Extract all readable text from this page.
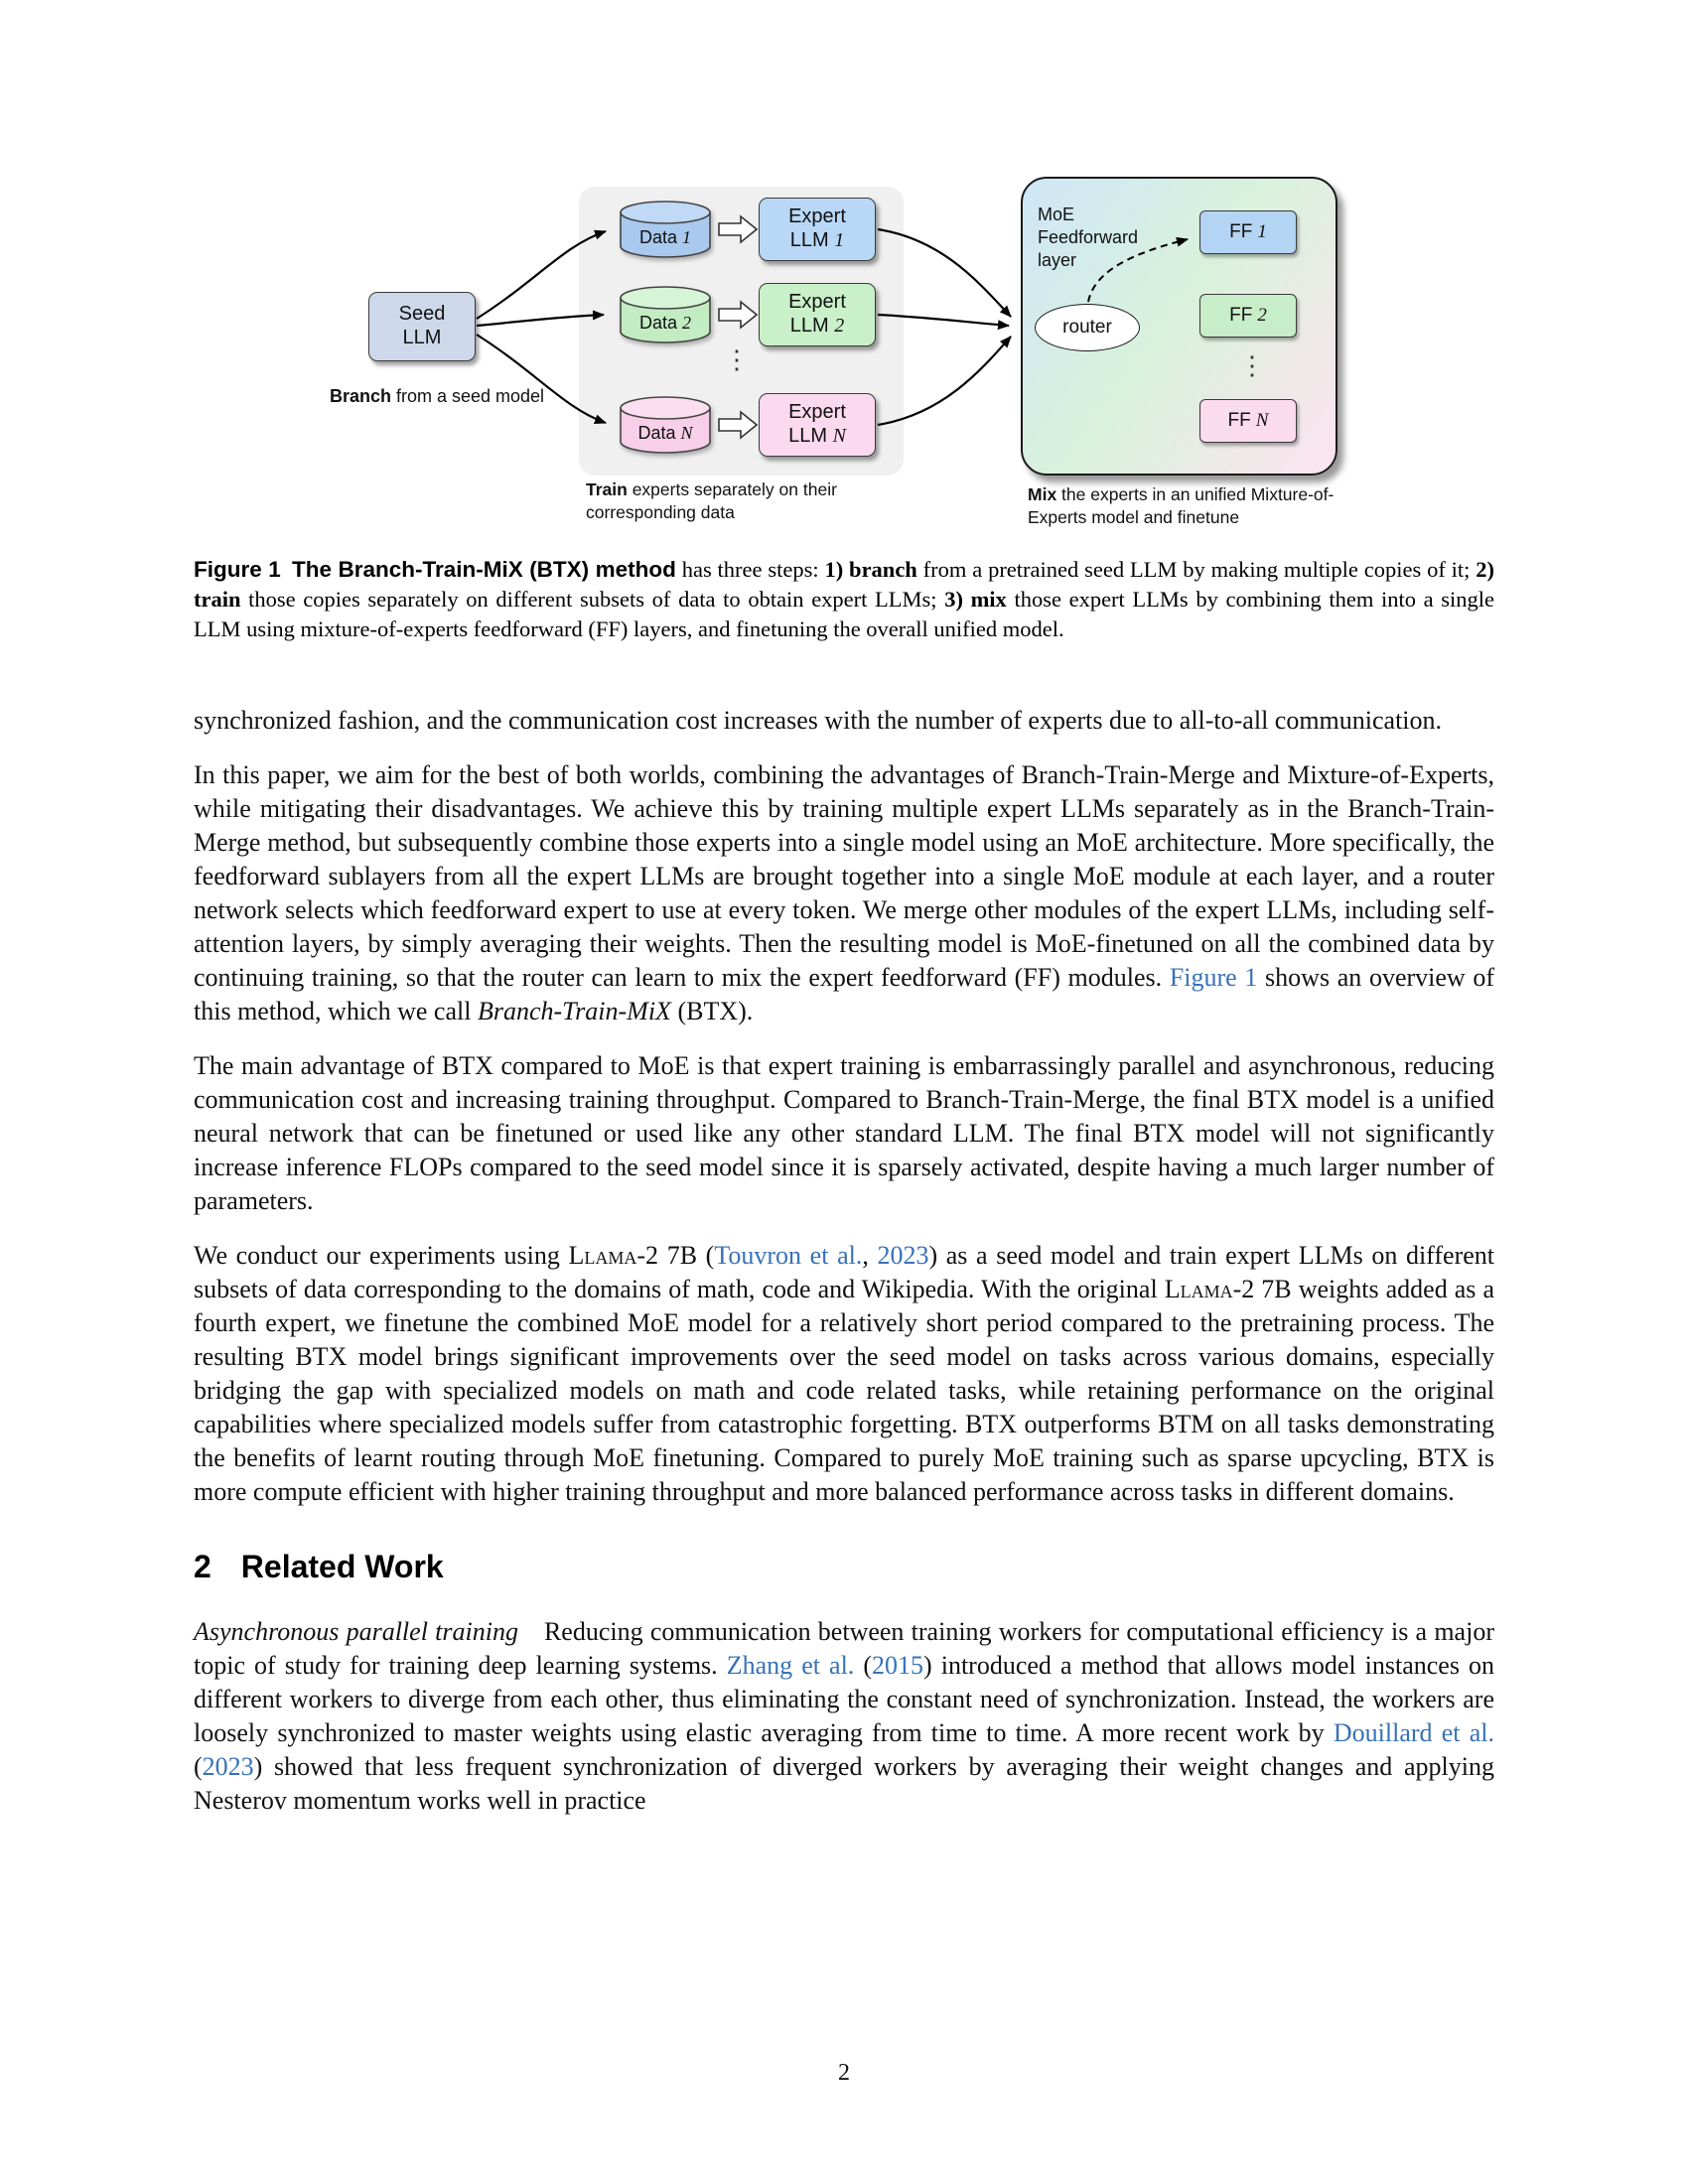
Seed
LLM
Branch from a seed model
Data 1
Data 2
Data N
⋮
Expert
LLM 1
Expert
LLM 2
Expert
LLM N
Train experts separately on their corresponding data
MoE Feedforward layer
router
FF 1
FF 2
FF N
⋮
Mix the experts in an unified Mixture-of-Experts model and finetune
Figure 1 The Branch-Train-MiX (BTX) method has three steps: 1) branch from a pretrained seed LLM by making multiple copies of it; 2) train those copies separately on different subsets of data to obtain expert LLMs; 3) mix those expert LLMs by combining them into a single LLM using mixture-of-experts feedforward (FF) layers, and finetuning the overall unified model.

synchronized fashion, and the communication cost increases with the number of experts due to all-to-all communication.

In this paper, we aim for the best of both worlds, combining the advantages of Branch-Train-Merge and Mixture-of-Experts, while mitigating their disadvantages. We achieve this by training multiple expert LLMs separately as in the Branch-Train-Merge method, but subsequently combine those experts into a single model using an MoE architecture. More specifically, the feedforward sublayers from all the expert LLMs are brought together into a single MoE module at each layer, and a router network selects which feedforward expert to use at every token. We merge other modules of the expert LLMs, including self-attention layers, by simply averaging their weights. Then the resulting model is MoE-finetuned on all the combined data by continuing training, so that the router can learn to mix the expert feedforward (FF) modules. Figure 1 shows an overview of this method, which we call Branch-Train-MiX (BTX).

The main advantage of BTX compared to MoE is that expert training is embarrassingly parallel and asynchronous, reducing communication cost and increasing training throughput. Compared to Branch-Train-Merge, the final BTX model is a unified neural network that can be finetuned or used like any other standard LLM. The final BTX model will not significantly increase inference FLOPs compared to the seed model since it is sparsely activated, despite having a much larger number of parameters.

We conduct our experiments using Llama-2 7B (Touvron et al., 2023) as a seed model and train expert LLMs on different subsets of data corresponding to the domains of math, code and Wikipedia. With the original Llama-2 7B weights added as a fourth expert, we finetune the combined MoE model for a relatively short period compared to the pretraining process. The resulting BTX model brings significant improvements over the seed model on tasks across various domains, especially bridging the gap with specialized models on math and code related tasks, while retaining performance on the original capabilities where specialized models suffer from catastrophic forgetting. BTX outperforms BTM on all tasks demonstrating the benefits of learnt routing through MoE finetuning. Compared to purely MoE training such as sparse upcycling, BTX is more compute efficient with higher training throughput and more balanced performance across tasks in different domains.

2 Related Work

Asynchronous parallel training  Reducing communication between training workers for computational efficiency is a major topic of study for training deep learning systems. Zhang et al. (2015) introduced a method that allows model instances on different workers to diverge from each other, thus eliminating the constant need of synchronization. Instead, the workers are loosely synchronized to master weights using elastic averaging from time to time. A more recent work by Douillard et al. (2023) showed that less frequent synchronization of diverged workers by averaging their weight changes and applying Nesterov momentum works well in practice

2
